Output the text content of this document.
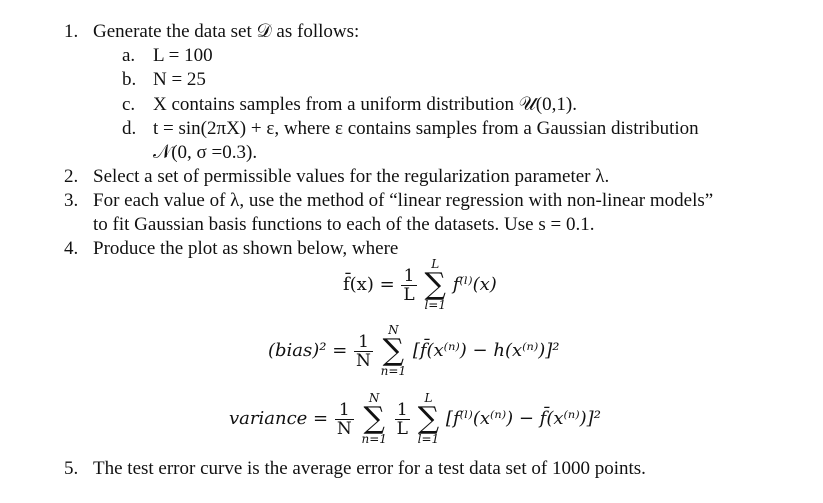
1. Generate the data set 𝒟 as follows:
a. L = 100
b. N = 25
c. X contains samples from a uniform distribution 𝒰(0,1).
d. t = sin(2πX) + ε, where ε contains samples from a Gaussian distribution
𝒩(0, σ =0.3).
2. Select a set of permissible values for the regularization parameter λ.
3. For each value of λ, use the method of “linear regression with non-linear models”
to fit Gaussian basis functions to each of the datasets. Use s = 0.1.
4. Produce the plot as shown below, where
f̄(x) = $\frac{1}{L}$

L
∑
l=1
f⁽ˡ⁾(x)
(bias)² = $\frac{1}{N}$

N
∑
n=1
[f̄(x⁽ⁿ⁾) − h(x⁽ⁿ⁾)]²
variance = $\frac{1}{N}$

N
∑
n=1

$\frac{1}{L}$

L
∑
l=1
[f⁽ˡ⁾(x⁽ⁿ⁾) − f̄(x⁽ⁿ⁾)]²
5. The test error curve is the average error for a test data set of 1000 points.
